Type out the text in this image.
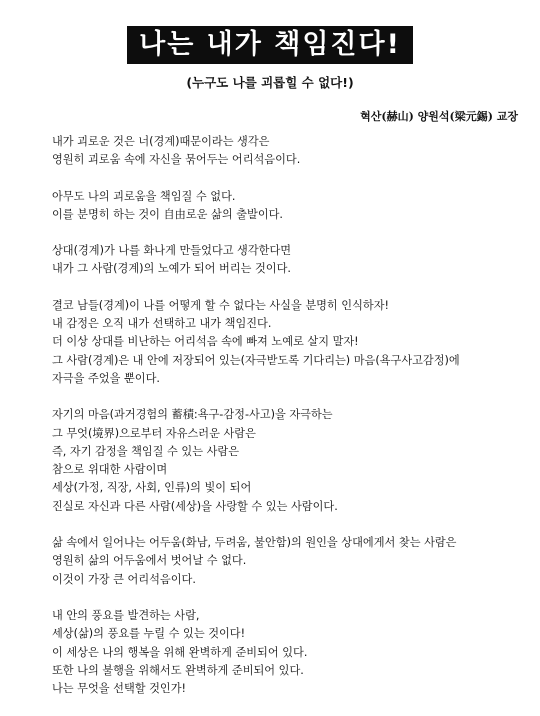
나는 내가 책임진다!
(누구도 나를 괴롭힐 수 없다!)
혁산(赫山) 양원석(梁元錫) 교장
내가 괴로운 것은 너(경계)때문이라는 생각은
영원히 괴로움 속에 자신을 묶어두는 어리석음이다.
아무도 나의 괴로움을 책임질 수 없다.
이를 분명히 하는 것이 自由로운 삶의 출발이다.
상대(경계)가 나를 화나게 만들었다고 생각한다면
내가 그 사람(경계)의 노예가 되어 버리는 것이다.
결코 남들(경계)이 나를 어떻게 할 수 없다는 사실을 분명히 인식하자!
내 감정은 오직 내가 선택하고 내가 책임진다.
더 이상 상대를 비난하는 어리석음 속에 빠져 노예로 살지 말자!
그 사람(경계)은 내 안에 저장되어 있는(자극받도록 기다리는) 마음(욕구사고감정)에
자극을 주었을 뿐이다.
자기의 마음(과거경험의 蓄積:욕구-감정-사고)을 자극하는
그 무엇(境界)으로부터 자유스러운 사람은
즉, 자기 감정을 책임질 수 있는 사람은
참으로 위대한 사람이며
세상(가정, 직장, 사회, 인류)의 빛이 되어
진실로 자신과 다른 사람(세상)을 사랑할 수 있는 사람이다.
삶 속에서 일어나는 어두움(화남, 두려움, 불안함)의 원인을 상대에게서 찾는 사람은
영원히 삶의 어두움에서 벗어날 수 없다.
이것이 가장 큰 어리석음이다.
내 안의 풍요를 발견하는 사람,
세상(삶)의 풍요를 누릴 수 있는 것이다!
이 세상은 나의 행복을 위해 완벽하게 준비되어 있다.
또한 나의 불행을 위해서도 완벽하게 준비되어 있다.
나는 무엇을 선택할 것인가!
